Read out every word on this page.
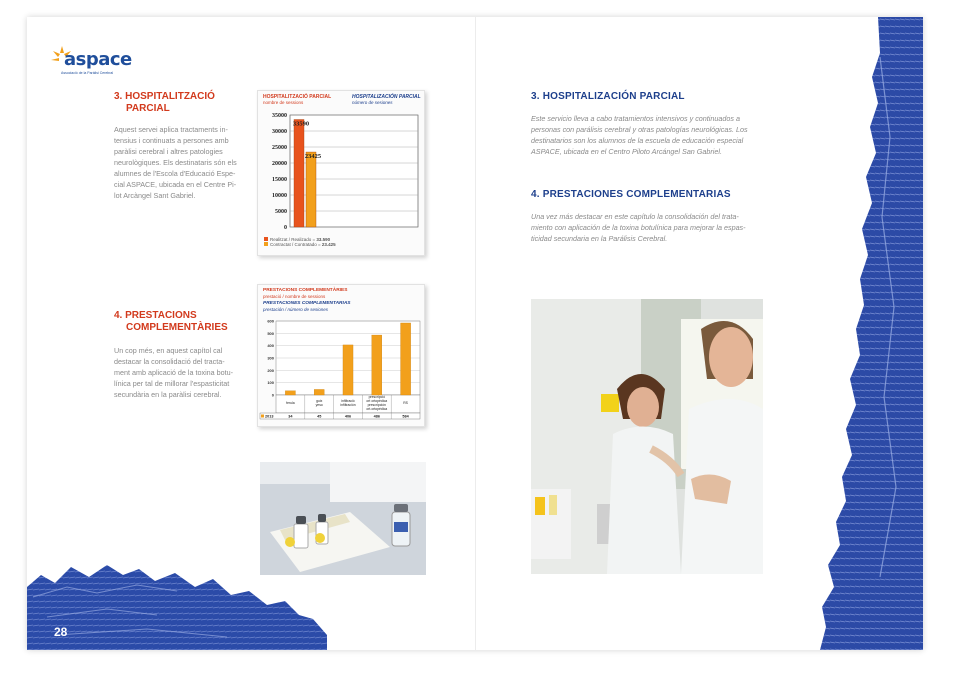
28
aspace
Associació de la Paràlisi Cerebral
3. HOSPITALITZACIÓ
PARCIAL
Aquest servei aplica tractaments in-
tensius i continuats a persones amb
paràlisi cerebral i altres patologies
neurològiques. Els destinataris són els
alumnes de l'Escola d'Educació Espe-
cial ASPACE, ubicada en el Centre Pi-
lot Arcàngel Sant Gabriel.
4. PRESTACIONS
COMPLEMENTÀRIES
Un cop més, en aquest capítol cal
destacar la consolidació del tracta-
ment amb aplicació de la toxina botu-
línica per tal de millorar l'espasticitat
secundària en la paràlisi cerebral.
HOSPITALITZACIÓ PARCIAL
nombre de sessions
HOSPITALIZACIÓN PARCIAL
número de sesiones
0
5000
10000
15000
20000
25000
30000
35000
33590
23425
Realitzat / Realizado = 33.590
Contractat / Contratado = 23.425
PRESTACIONS COMPLEMENTÀRIES
prestació / nombre de sessions
PRESTACIONES COMPLEMENTARIAS
prestación / número de sesiones
0
100
200
300
400
500
600
2013
ferula
34
guix
yeso
45
infiltració
infiltración
406
prescripció
ort ortopèdica
prescripción
ort.ortopédica
486
RS
584
3. HOSPITALIZACIÓN PARCIAL
Este servicio lleva a cabo tratamientos intensivos y continuados a
personas con parálisis cerebral y otras patologías neurológicas. Los
destinatarios son los alumnos de la escuela de educación especial
ASPACE, ubicada en el Centro Piloto Arcángel San Gabriel.
4. PRESTACIONES COMPLEMENTARIAS
Una vez más destacar en este capítulo la consolidación del trata-
miento con aplicación de la toxina botulínica para mejorar la espas-
ticidad secundaria en la Parálisis Cerebral.
